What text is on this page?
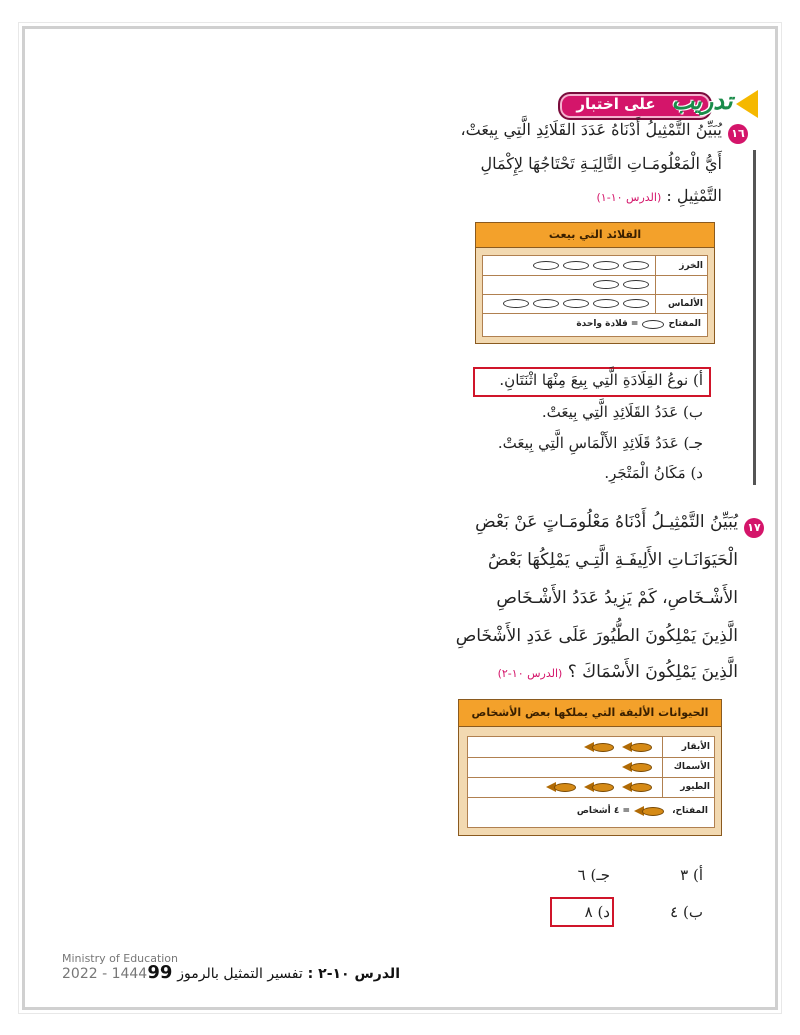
على اختبار تدريب
١٦
يُبَيِّنُ التَّمْثِيلُ أَدْنَاهُ عَدَدَ القَلَائِدِ الَّتِي بِيعَتْ،
أَيُّ الْمَعْلُومَـاتِ التَّالِيَـةِ تَحْتَاجُهَا لِإِكْمَالِ
التَّمْثِيلِ : (الدرس ١٠-١)
القلائد التي بيعت
الخرز
الألماس
المفتاح
= قلادة واحدة
أ) نوعُ القِلَادَةِ الَّتِي بِيعَ مِنْهَا اثْنَتَانِ.
ب) عَدَدُ القَلَائِدِ الَّتِي بِيعَتْ.
جـ) عَدَدُ قَلَائِدِ الأَلْمَاسِ الَّتِي بِيعَتْ.
د) مَكَانُ الْمَتْجَرِ.
١٧
يُبَيِّنُ التَّمْثِيـلُ أَدْنَاهُ مَعْلُومَـاتٍ عَنْ بَعْضِ
الْحَيَوَانَـاتِ الأَلِيفَـةِ الَّتِـي يَمْلِكُهَا بَعْضُ
الأَشْـخَاصِ، كَمْ يَزِيدُ عَدَدُ الأَشْـخَاصِ
الَّذِينَ يَمْلِكُونَ الطُّيُورَ عَلَى عَدَدِ الأَشْخَاصِ
الَّذِينَ يَمْلِكُونَ الأَسْمَاكَ ؟ (الدرس ١٠-٢)
الحيوانات الأليفة التي يملكها بعض الأشخاص
الأبقار
الأسماك
الطيور
المفتاح،
= ٤ أشخاص
أ) ٣
جـ) ٦
ب) ٤
د) ٨
الدرس ١٠-٢ : تفسير التمثيل بالرموز 99
Ministry of Education
2022 - 1444
